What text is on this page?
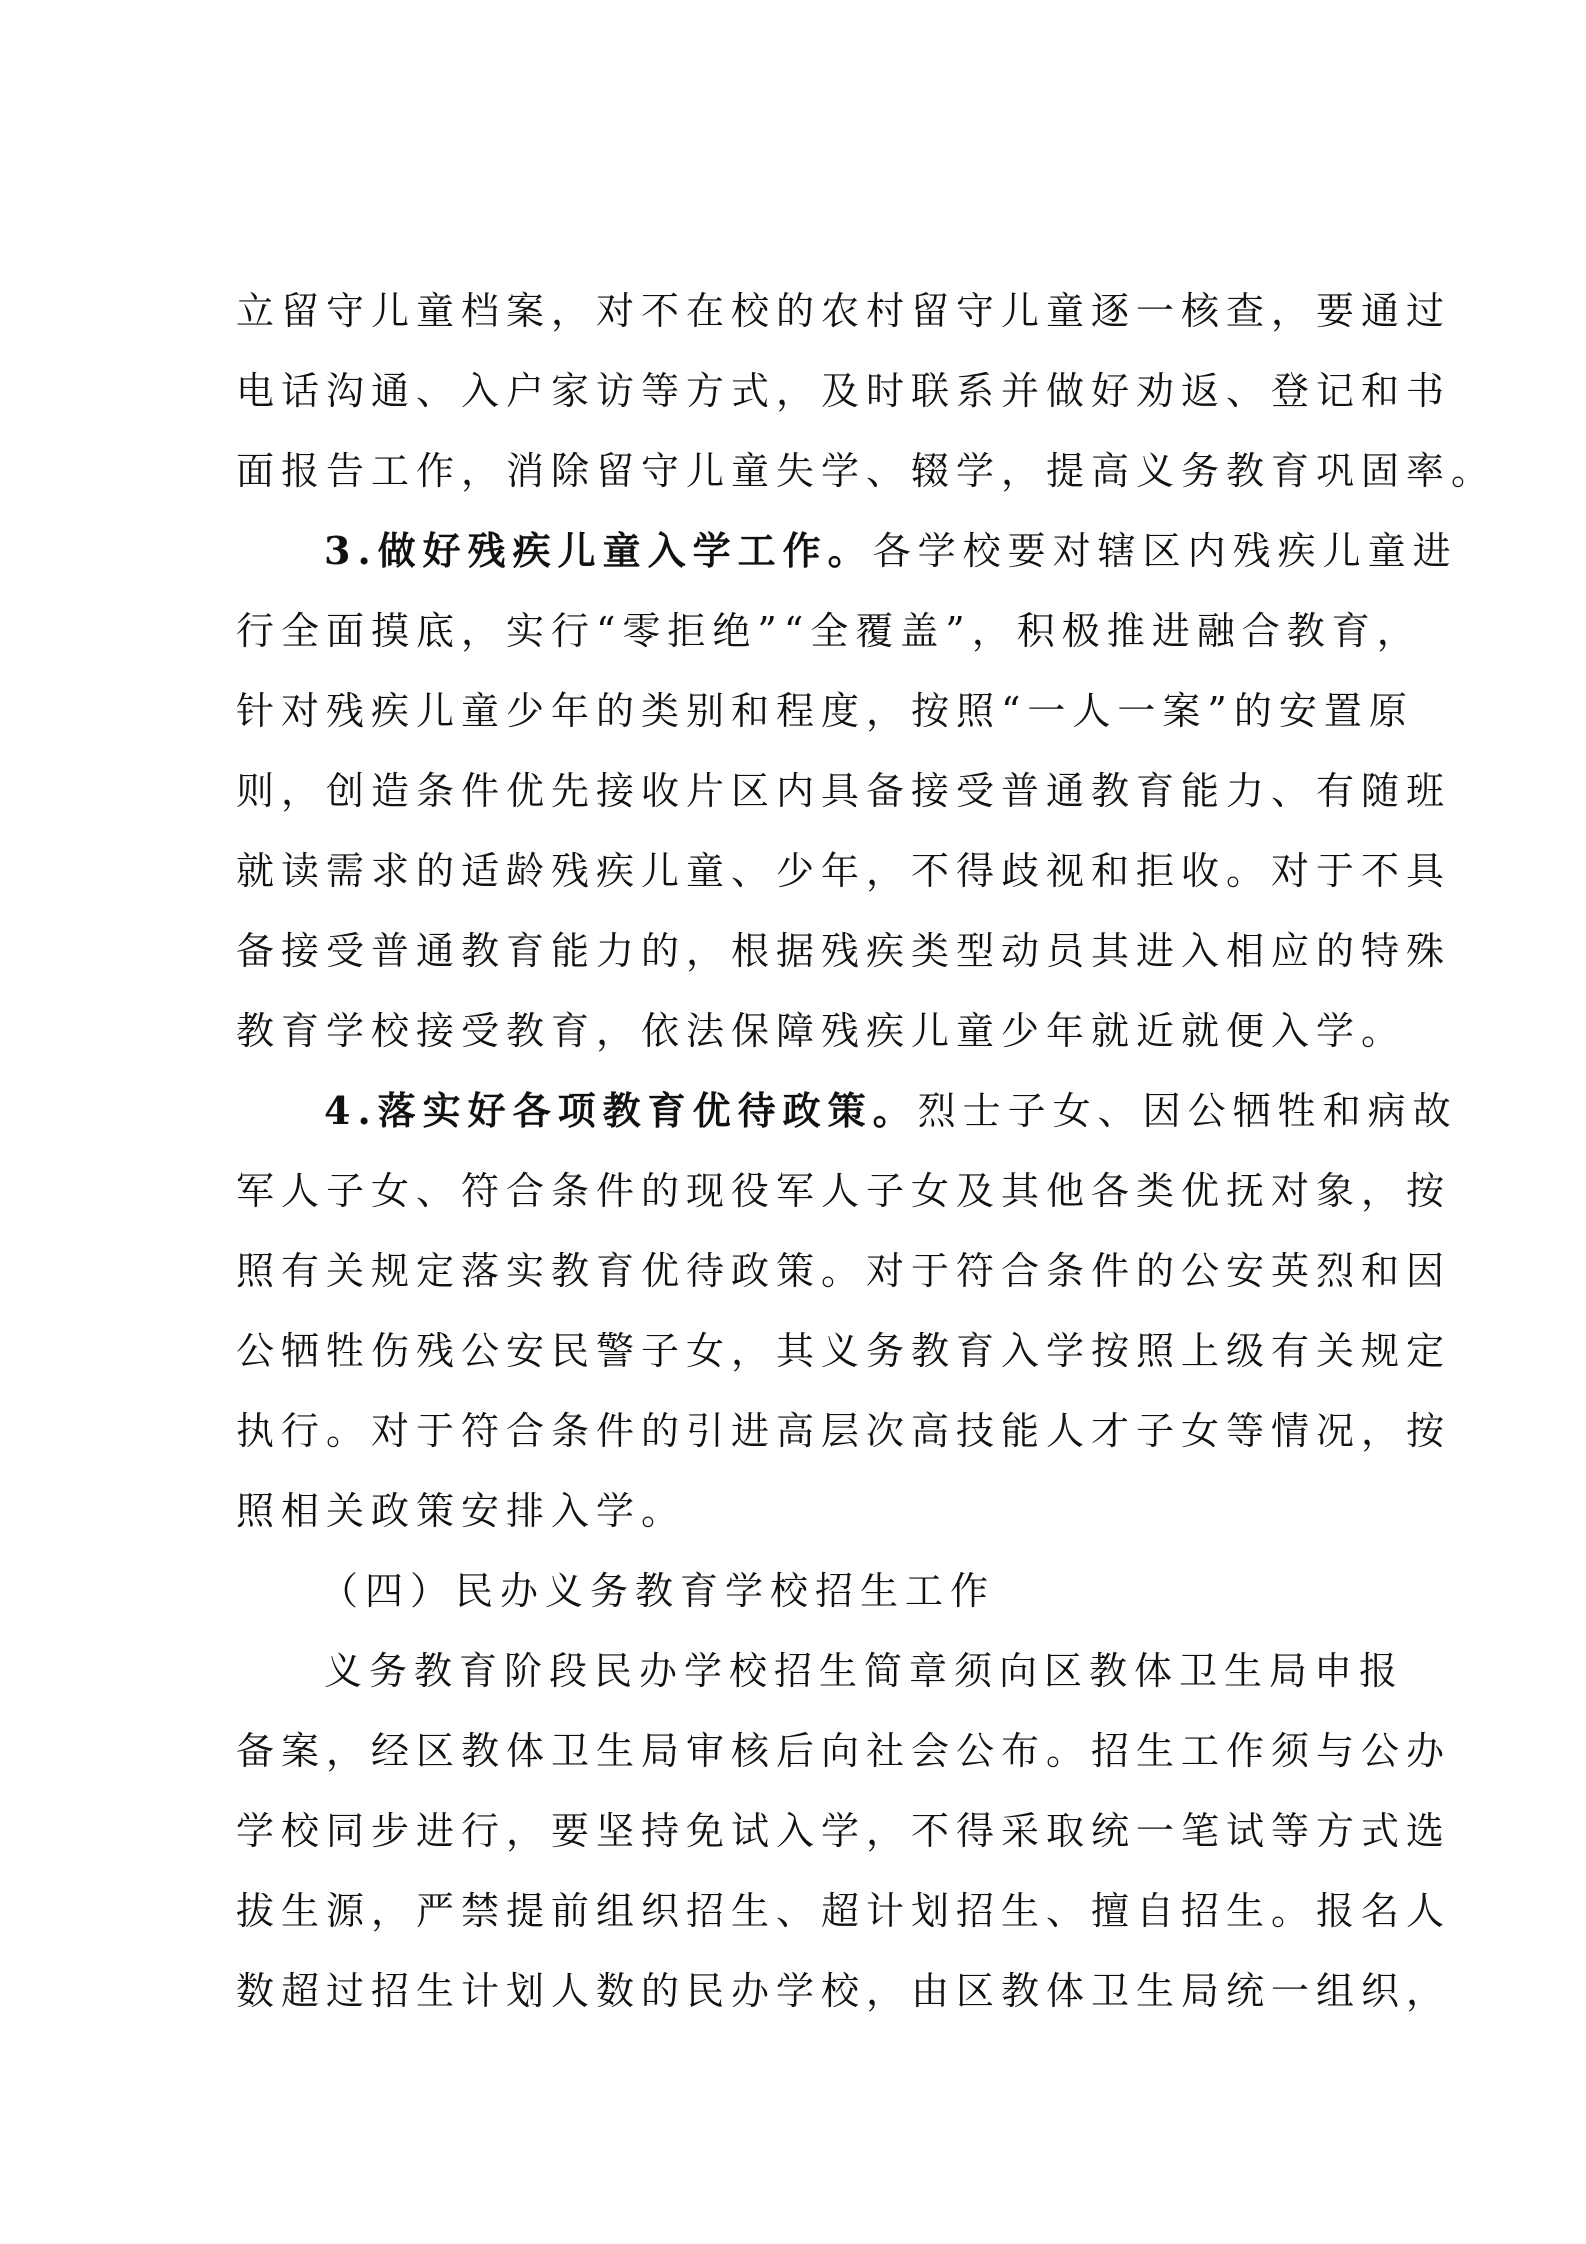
立留守儿童档案，对不在校的农村留守儿童逐一核查，要通过
电话沟通、入户家访等方式，及时联系并做好劝返、登记和书
面报告工作，消除留守儿童失学、辍学，提高义务教育巩固率。
3.做好残疾儿童入学工作。各学校要对辖区内残疾儿童进
行全面摸底，实行“零拒绝”“全覆盖”，积极推进融合教育，
针对残疾儿童少年的类别和程度，按照“一人一案”的安置原
则，创造条件优先接收片区内具备接受普通教育能力、有随班
就读需求的适龄残疾儿童、少年，不得歧视和拒收。对于不具
备接受普通教育能力的，根据残疾类型动员其进入相应的特殊
教育学校接受教育，依法保障残疾儿童少年就近就便入学。
4.落实好各项教育优待政策。烈士子女、因公牺牲和病故
军人子女、符合条件的现役军人子女及其他各类优抚对象，按
照有关规定落实教育优待政策。对于符合条件的公安英烈和因
公牺牲伤残公安民警子女，其义务教育入学按照上级有关规定
执行。对于符合条件的引进高层次高技能人才子女等情况，按
照相关政策安排入学。
（四）民办义务教育学校招生工作
义务教育阶段民办学校招生简章须向区教体卫生局申报
备案，经区教体卫生局审核后向社会公布。招生工作须与公办
学校同步进行，要坚持免试入学，不得采取统一笔试等方式选
拔生源，严禁提前组织招生、超计划招生、擅自招生。报名人
数超过招生计划人数的民办学校，由区教体卫生局统一组织，
